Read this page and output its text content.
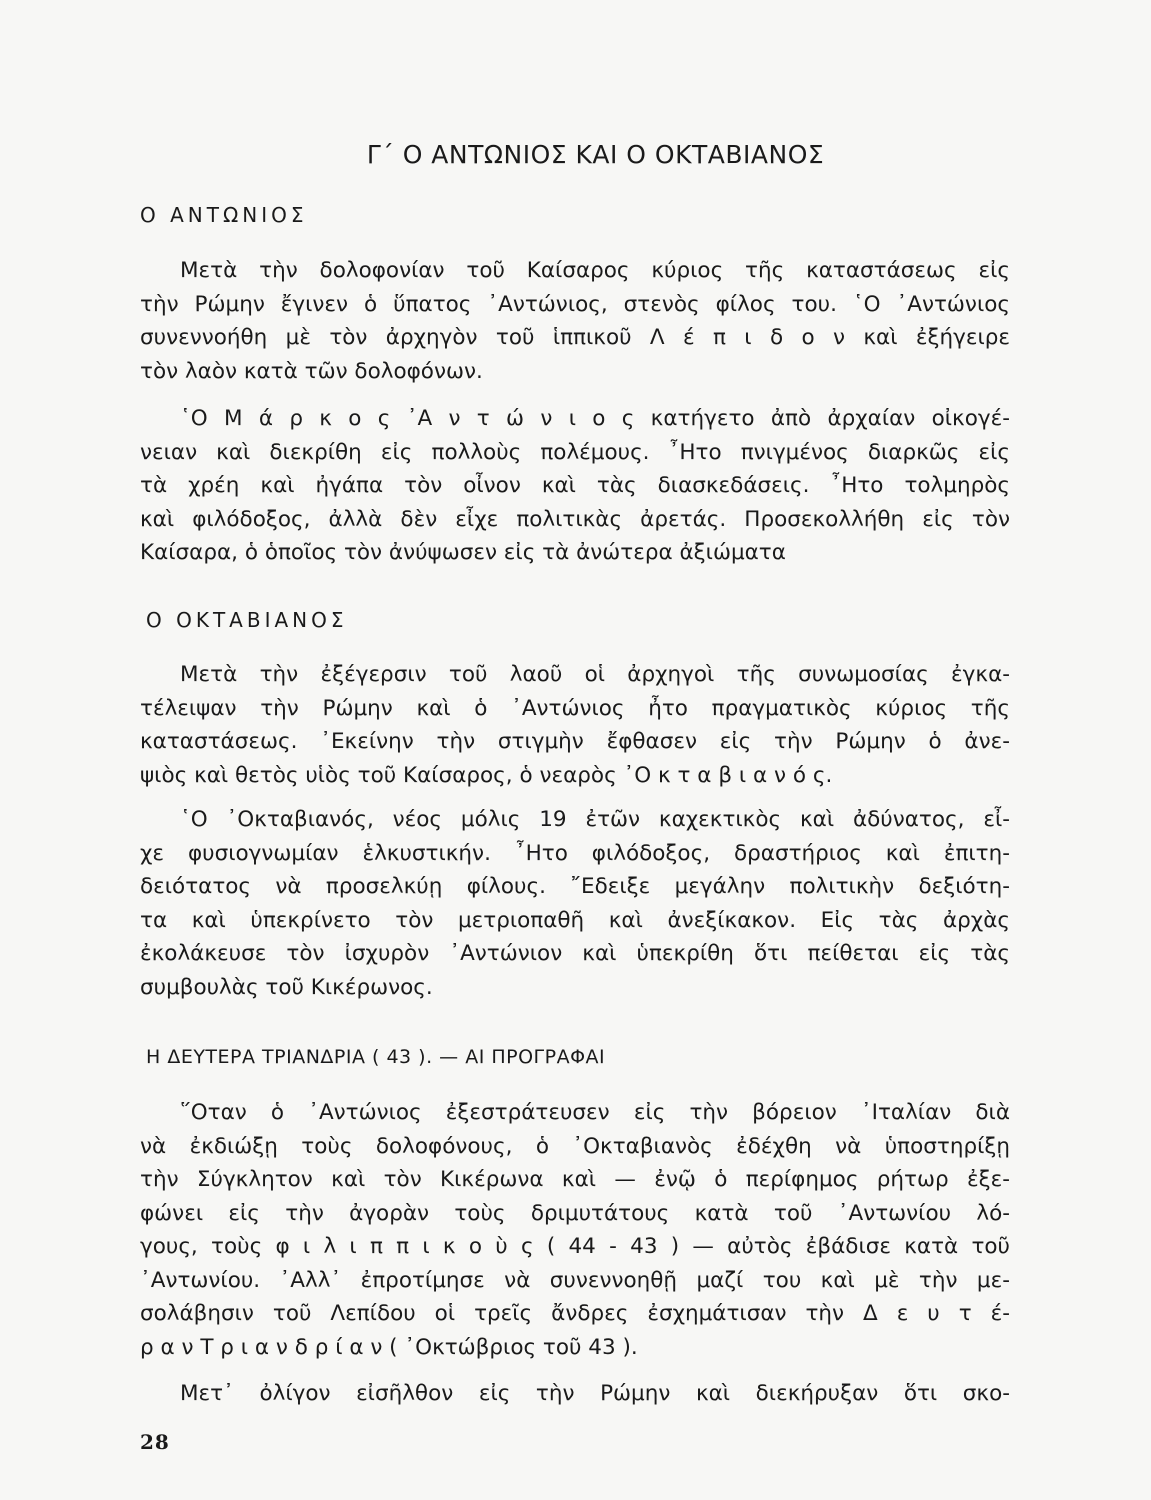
Γ΄ Ο ΑΝΤΩΝΙΟΣ ΚΑΙ Ο ΟΚΤΑΒΙΑΝΟΣ
Ο ΑΝΤΩΝΙΟΣ
Μετὰ τὴν δολοφονίαν τοῦ Καίσαρος κύριος τῆς καταστάσεως εἰς
τὴν Ρώμην ἔγινεν ὁ ὕπατος ᾿Αντώνιος, στενὸς φίλος του. ῾Ο ᾿Αντώνιος
συνεννοήθη μὲ τὸν ἀρχηγὸν τοῦ ἱππικοῦ Λ έ π ι δ ο ν καὶ ἐξήγειρε
τὸν λαὸν κατὰ τῶν δολοφόνων.
῾Ο Μ ά ρ κ ο ς ᾿Α ν τ ώ ν ι ο ς κατήγετο ἀπὸ ἀρχαίαν οἰκογέ-
νειαν καὶ διεκρίθη εἰς πολλοὺς πολέμους. ῏Ητο πνιγμένος διαρκῶς εἰς
τὰ χρέη καὶ ἠγάπα τὸν οἶνον καὶ τὰς διασκεδάσεις. ῏Ητο τολμηρὸς
καὶ φιλόδοξος, ἀλλὰ δὲν εἶχε πολιτικὰς ἀρετάς. Προσεκολλήθη εἰς τὸν
Καίσαρα, ὁ ὁποῖος τὸν ἀνύψωσεν εἰς τὰ ἀνώτερα ἀξιώματα
Ο ΟΚΤΑΒΙΑΝΟΣ
Μετὰ τὴν ἐξέγερσιν τοῦ λαοῦ οἱ ἀρχηγοὶ τῆς συνωμοσίας ἐγκα-
τέλειψαν τὴν Ρώμην καὶ ὁ ᾿Αντώνιος ἦτο πραγματικὸς κύριος τῆς
καταστάσεως. ᾿Εκείνην τὴν στιγμὴν ἔφθασεν εἰς τὴν Ρώμην ὁ ἀνε-
ψιὸς καὶ θετὸς υἱὸς τοῦ Καίσαρος, ὁ νεαρὸς ᾿Ο κ τ α β ι α ν ό ς.
῾Ο ᾿Οκταβιανός, νέος μόλις 19 ἐτῶν καχεκτικὸς καὶ ἀδύνατος, εἶ-
χε φυσιογνωμίαν ἑλκυστικήν. ῏Ητο φιλόδοξος, δραστήριος καὶ ἐπιτη-
δειότατος νὰ προσελκύῃ φίλους. ῎Εδειξε μεγάλην πολιτικὴν δεξιότη-
τα καὶ ὑπεκρίνετο τὸν μετριοπαθῆ καὶ ἀνεξίκακον. Εἰς τὰς ἀρχὰς
ἐκολάκευσε τὸν ἰσχυρὸν ᾿Αντώνιον καὶ ὑπεκρίθη ὅτι πείθεται εἰς τὰς
συμβουλὰς τοῦ Κικέρωνος.
Η ΔΕΥΤΕΡΑ ΤΡΙΑΝΔΡΙΑ ( 43 ). — ΑΙ ΠΡΟΓΡΑΦΑΙ
῞Οταν ὁ ᾿Αντώνιος ἐξεστράτευσεν εἰς τὴν βόρειον ᾿Ιταλίαν διὰ
νὰ ἐκδιώξῃ τοὺς δολοφόνους, ὁ ᾿Οκταβιανὸς ἐδέχθη νὰ ὑποστηρίξῃ
τὴν Σύγκλητον καὶ τὸν Κικέρωνα καὶ — ἐνῷ ὁ περίφημος ρήτωρ ἐξε-
φώνει εἰς τὴν ἀγορὰν τοὺς δριμυτάτους κατὰ τοῦ ᾿Αντωνίου λό-
γους, τοὺς φ ι λ ι π π ι κ ο ὺ ς ( 44 - 43 ) — αὐτὸς ἐβάδισε κατὰ τοῦ
᾿Αντωνίου. ᾿Αλλ᾿ ἐπροτίμησε νὰ συνεννοηθῇ μαζί του καὶ μὲ τὴν με-
σολάβησιν τοῦ Λεπίδου οἱ τρεῖς ἄνδρες ἐσχημάτισαν τὴν Δ ε υ τ έ-
ρ α ν Τ ρ ι α ν δ ρ ί α ν ( ᾿Οκτώβριος τοῦ 43 ).
Μετ᾿ ὀλίγον εἰσῆλθον εἰς τὴν Ρώμην καὶ διεκήρυξαν ὅτι σκο-
28
